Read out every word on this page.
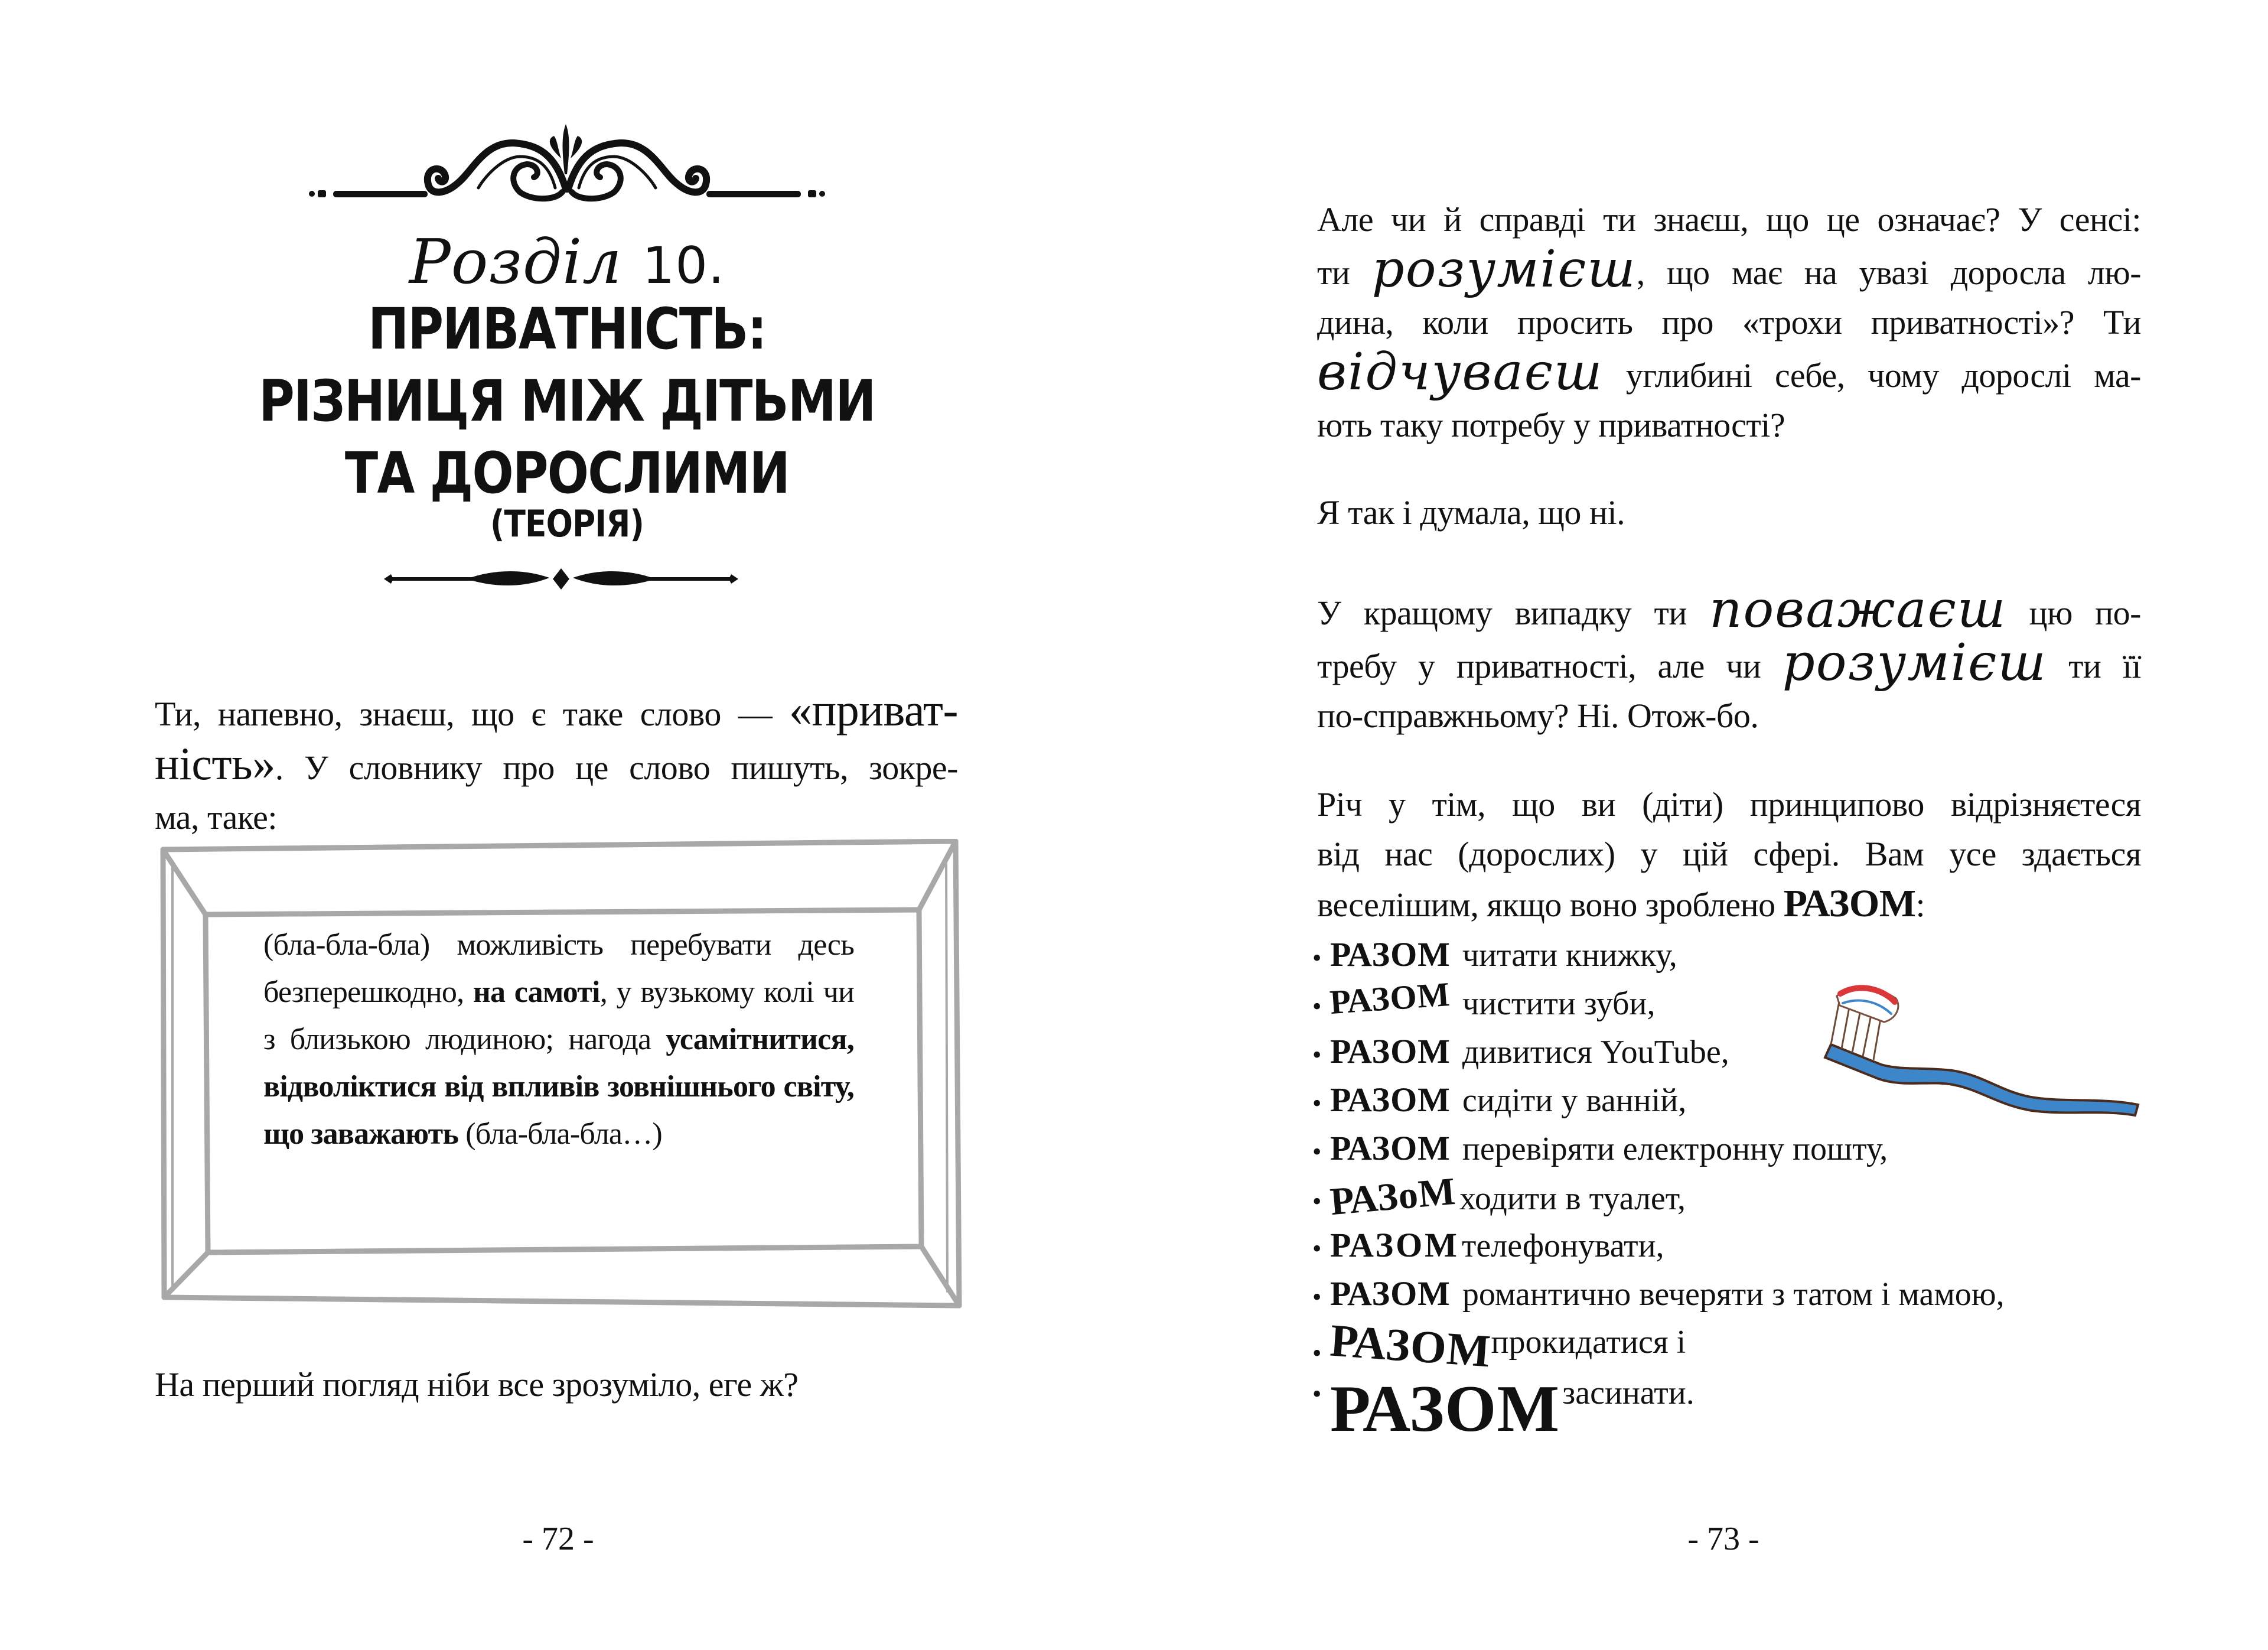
Розділ 10.
ПРИВАТНІСТЬ:
РІЗНИЦЯ МІЖ ДІТЬМИ
ТА ДОРОСЛИМИ
(ТЕОРІЯ)
Ти, напевно, знаєш, що є таке слово — «приват-
ність». У словнику про це слово пишуть, зокре-
ма, таке:
(бла-бла-бла) можливість перебувати десь безперешкодно, на самоті, у вузькому колі чи з близькою людиною; нагода усамітнитися, відволіктися від впливів зовнішнього світу, що заважають (бла-бла-бла…)
На перший погляд ніби все зрозуміло, еге ж?
- 72 -
Але чи й справді ти знаєш, що це означає? У сенсі:
ти розумієш, що має на увазі доросла лю-
дина, коли просить про «трохи приватності»? Ти
відчуваєш углибині себе, чому дорослі ма-
ють таку потребу у приватності?
Я так і думала, що ні.
У кращому випадку ти поважаєш цю по-
требу у приватності, але чи розумієш ти її
по-справжньому? Ні. Отож-бо.
Річ у тім, що ви (діти) принципово відрізняєтеся
від нас (дорослих) у цій сфері. Вам усе здається
веселішим, якщо воно зроблено РАЗОМ:
• РАЗОМ читати книжку,
• РАЗОМ чистити зуби,
• РАЗОМ дивитися YouTube,
• РАЗОМ сидіти у ванній,
• РАЗОМ перевіряти електронну пошту,
• РАЗоМходити в туалет,
• РАЗОМтелефонувати,
• РАЗОМ романтично вечеряти з татом і мамою,
• РАЗОМпрокидатися і
• РАЗОМзасинати.
- 73 -
